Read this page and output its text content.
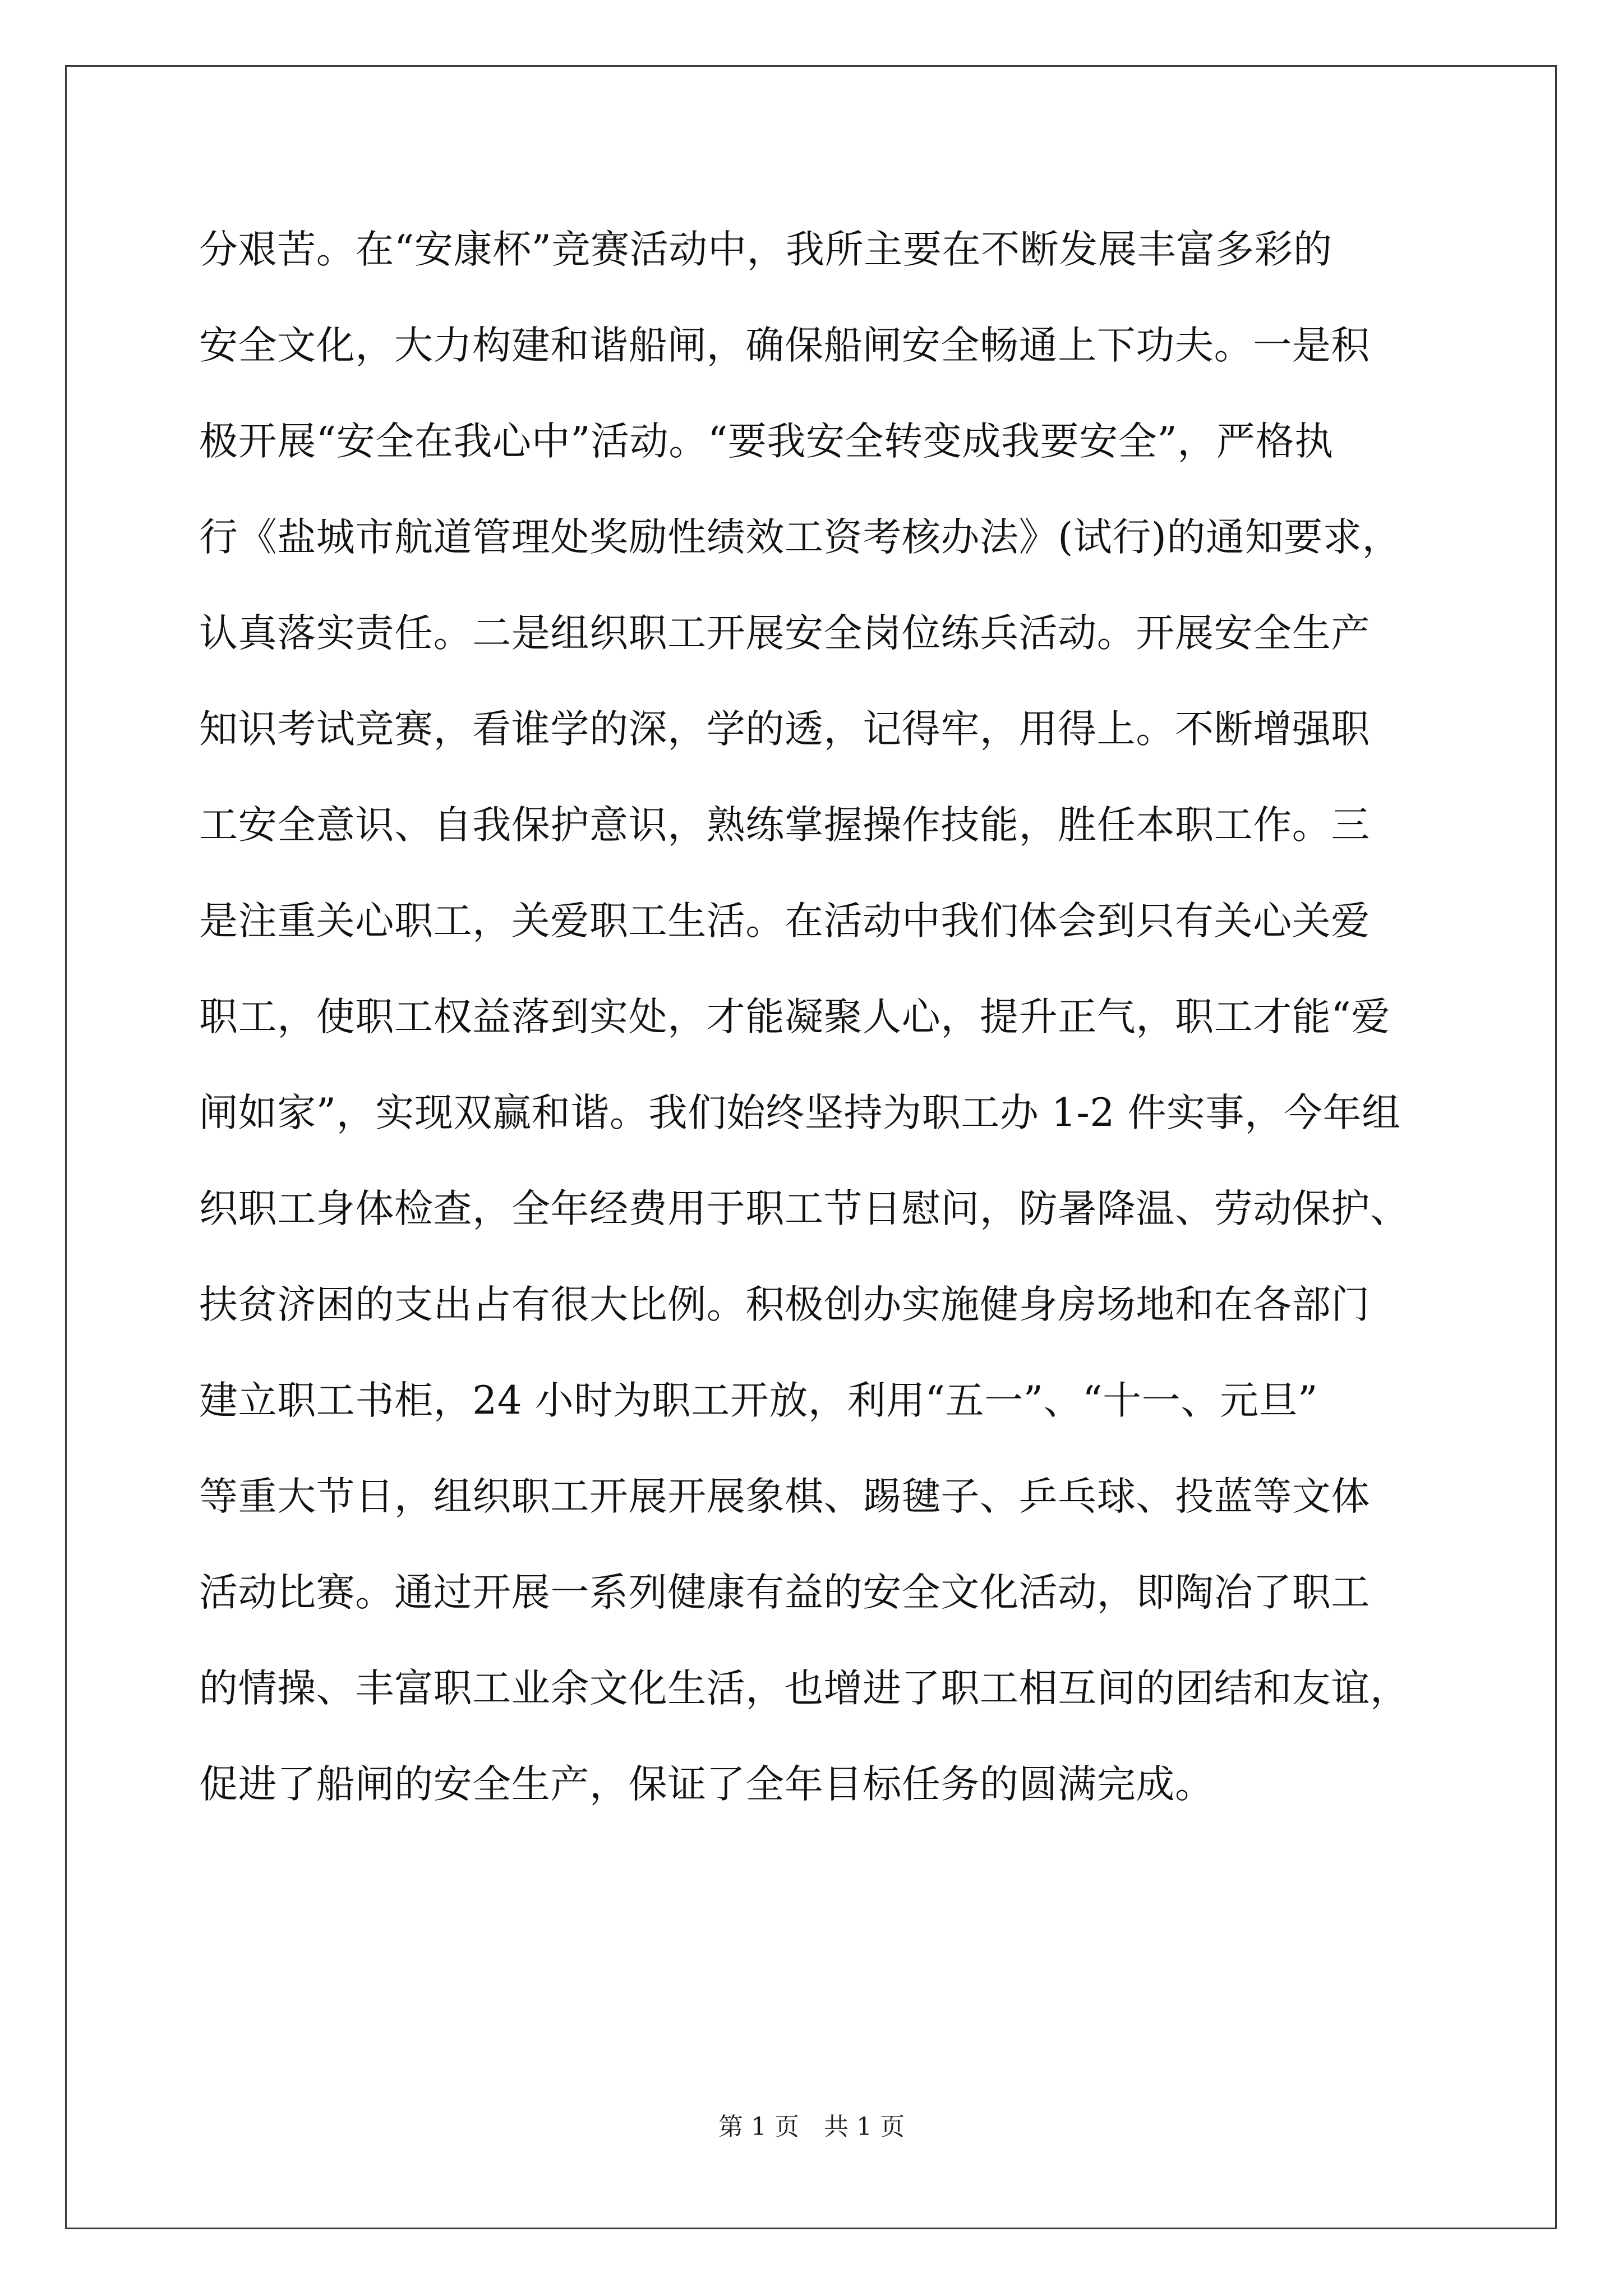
分艰苦。在“安康杯”竞赛活动中，我所主要在不断发展丰富多彩的
安全文化，大力构建和谐船闸，确保船闸安全畅通上下功夫。一是积
极开展“安全在我心中”活动。“要我安全转变成我要安全”，严格执
行《盐城市航道管理处奖励性绩效工资考核办法》(试行)的通知要求，
认真落实责任。二是组织职工开展安全岗位练兵活动。开展安全生产
知识考试竞赛，看谁学的深，学的透，记得牢，用得上。不断增强职
工安全意识、自我保护意识，熟练掌握操作技能，胜任本职工作。三
是注重关心职工，关爱职工生活。在活动中我们体会到只有关心关爱
职工，使职工权益落到实处，才能凝聚人心，提升正气，职工才能“爱
闸如家”，实现双赢和谐。我们始终坚持为职工办 1-2 件实事，今年组
织职工身体检查，全年经费用于职工节日慰问，防暑降温、劳动保护、
扶贫济困的支出占有很大比例。积极创办实施健身房场地和在各部门
建立职工书柜，24 小时为职工开放，利用“五一”、“十一、元旦”
等重大节日，组织职工开展开展象棋、踢毽子、乒乓球、投蓝等文体
活动比赛。通过开展一系列健康有益的安全文化活动，即陶冶了职工
的情操、丰富职工业余文化生活，也增进了职工相互间的团结和友谊，
促进了船闸的安全生产，保证了全年目标任务的圆满完成。
第 1 页　共 1 页
